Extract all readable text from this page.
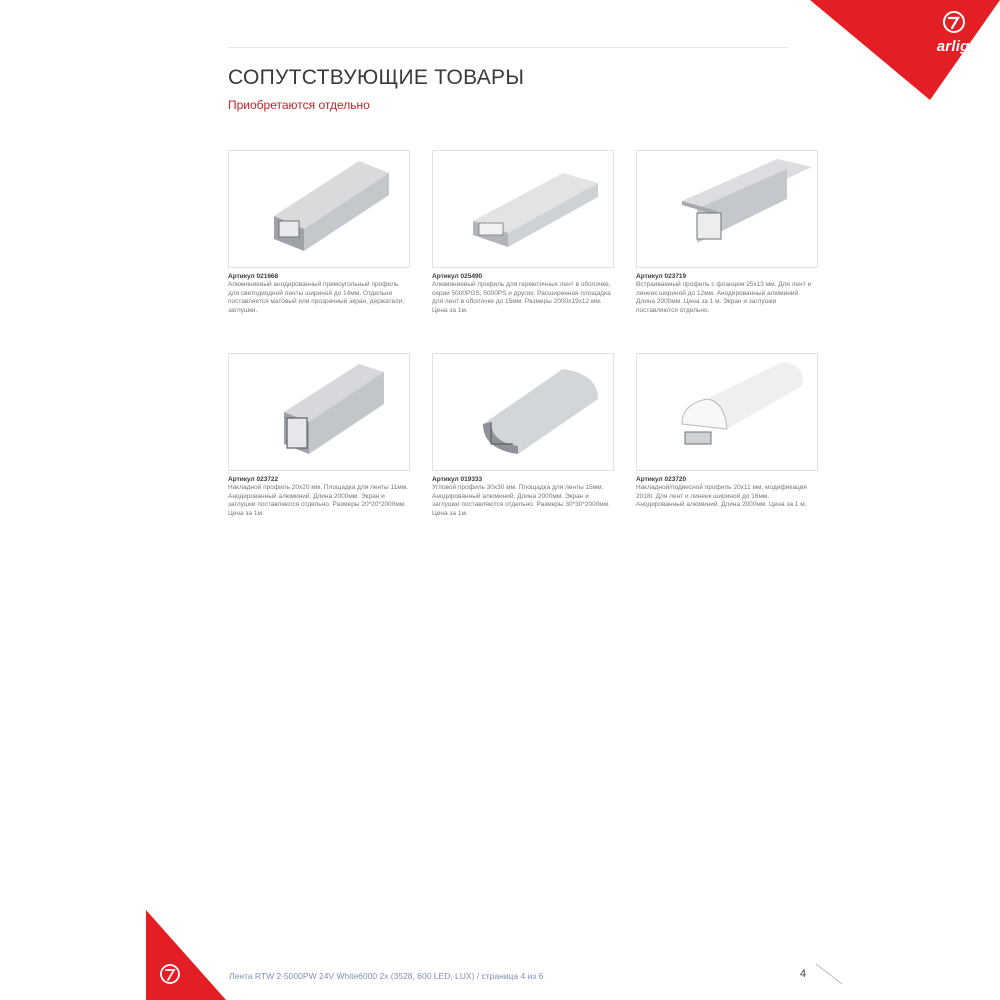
arlight
СОПУТСТВУЮЩИЕ ТОВАРЫ
Приобретаются отдельно
Артикул 021668
Алюминиевый анодированный прямоугольный профиль для светодиодной ленты шириной до 14мм. Отдельно поставляется матовый или прозрачный экран, держатели, заглушки.
Артикул 025490
Алюминиевый профиль для герметичных лент в оболочке, серии 5000PGS, 5000PS и других. Расширенная площадка для лент в оболочке до 15мм. Размеры 2000х19х12 мм. Цена за 1м.
Артикул 023719
Встраиваемый профиль с фланцем 25х13 мм. Для лент и линеек шириной до 12мм. Анодированный алюминий. Длина 2000мм. Цена за 1 м. Экран и заглушки поставляются отдельно.
Артикул 023722
Накладной профиль 20х20 мм. Площадка для ленты 11мм. Анодированный алюминий. Длина 2000мм. Экран и заглушки поставляются отдельно. Размеры 20*20*2000мм. Цена за 1м.
Артикул 019333
Угловой профиль 30х30 мм. Площадка для ленты 15мм. Анодированный алюминий. Длина 2000мм. Экран и заглушки поставляются отдельно. Размеры 30*30*2000мм. Цена за 1м.
Артикул 023720
Накладной/подвесной профиль 20х11 мм, модификация 2018г. Для лент и линеек шириной до 16мм. Анодированный алюминий. Длина 2000мм. Цена за 1 м.
Лента RTW 2-5000PW 24V White6000 2x (3528, 600 LED, LUX) / страница 4 из 6	4
